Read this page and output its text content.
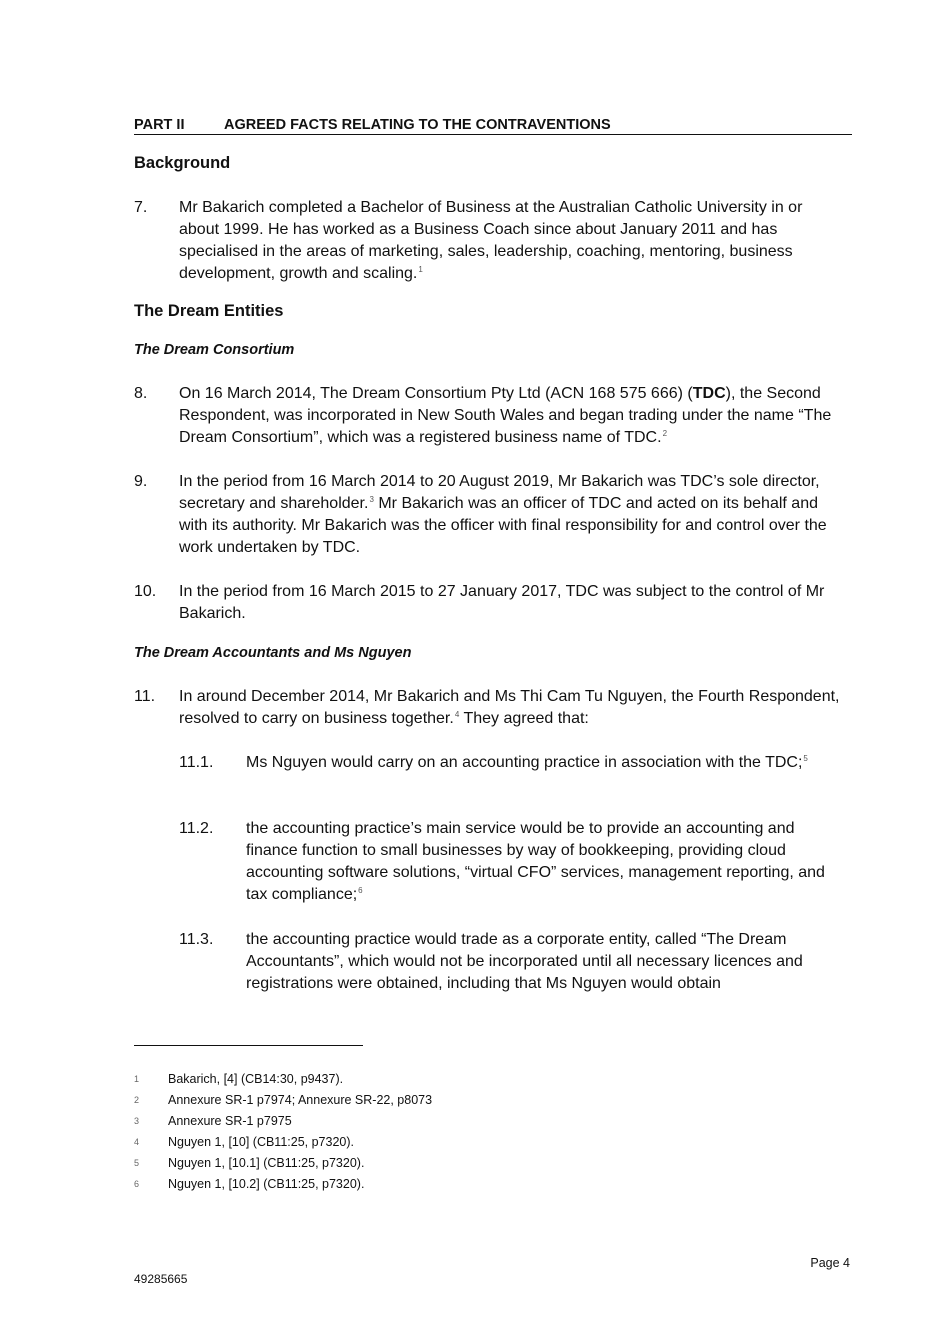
PART II	AGREED FACTS RELATING TO THE CONTRAVENTIONS
Background
7. Mr Bakarich completed a Bachelor of Business at the Australian Catholic University in or about 1999. He has worked as a Business Coach since about January 2011 and has specialised in the areas of marketing, sales, leadership, coaching, mentoring, business development, growth and scaling.$^1$
The Dream Entities
The Dream Consortium
8. On 16 March 2014, The Dream Consortium Pty Ltd (ACN 168 575 666) (TDC), the Second Respondent, was incorporated in New South Wales and began trading under the name “The Dream Consortium”, which was a registered business name of TDC.$^2$
9. In the period from 16 March 2014 to 20 August 2019, Mr Bakarich was TDC’s sole director, secretary and shareholder.$^3$ Mr Bakarich was an officer of TDC and acted on its behalf and with its authority. Mr Bakarich was the officer with final responsibility for and control over the work undertaken by TDC.
10. In the period from 16 March 2015 to 27 January 2017, TDC was subject to the control of Mr Bakarich.
The Dream Accountants and Ms Nguyen
11. In around December 2014, Mr Bakarich and Ms Thi Cam Tu Nguyen, the Fourth Respondent, resolved to carry on business together.$^4$ They agreed that:
11.1. Ms Nguyen would carry on an accounting practice in association with the TDC;$^5$
11.2. the accounting practice’s main service would be to provide an accounting and finance function to small businesses by way of bookkeeping, providing cloud accounting software solutions, “virtual CFO” services, management reporting, and tax compliance;$^6$
11.3. the accounting practice would trade as a corporate entity, called “The Dream Accountants”, which would not be incorporated until all necessary licences and registrations were obtained, including that Ms Nguyen would obtain
1 Bakarich, [4] (CB14:30, p9437).
2 Annexure SR-1 p7974; Annexure SR-22, p8073
3 Annexure SR-1 p7975
4 Nguyen 1, [10] (CB11:25, p7320).
5 Nguyen 1, [10.1] (CB11:25, p7320).
6 Nguyen 1, [10.2] (CB11:25, p7320).
Page 4
49285665
